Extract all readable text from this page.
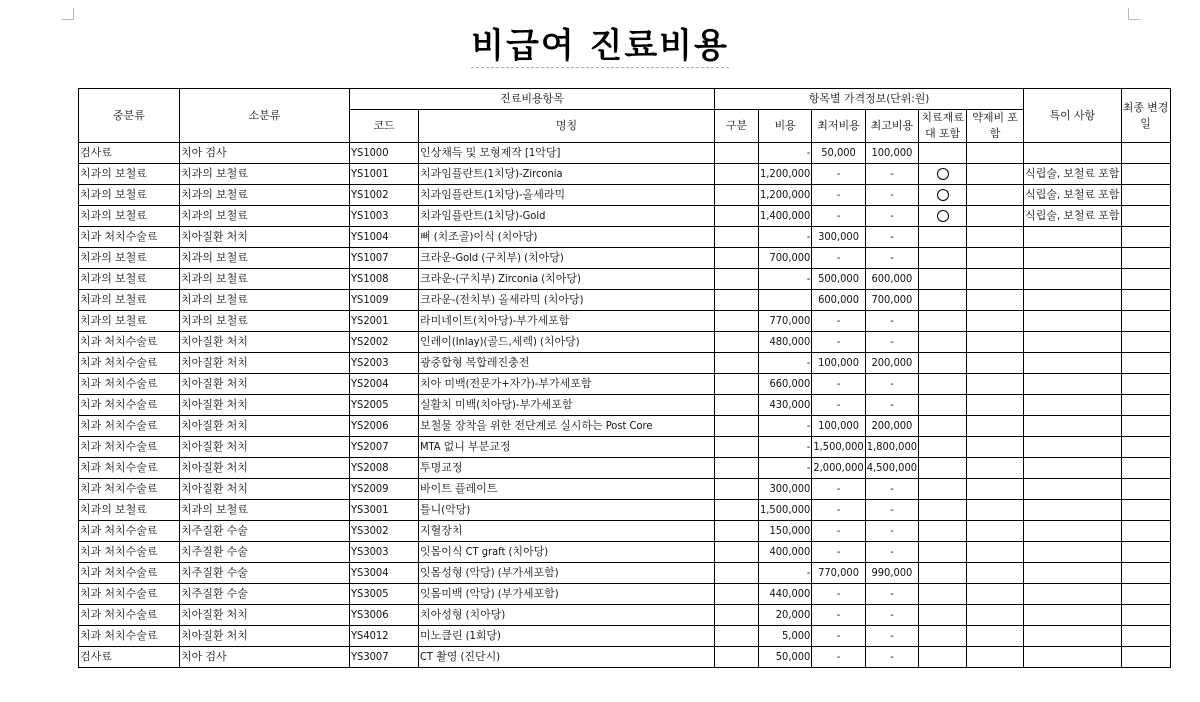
비급여 진료비용
중분류	소분류	진료비용항목		항목별 가격정보(단위:원)						특이 사항	최종 변경일
		코드	명칭	구분	비용	최저비용	최고비용	치료재료 대 포함	약제비 포함		
검사료	치아 검사	YS1000	인상채득 및 모형제작 [1악당]		-	50,000	100,000				
치과의 보철료	치과의 보철료	YS1001	치과임플란트(1치당)-Zirconia		1,200,000	-	-			식립술, 보철료 포함	
치과의 보철료	치과의 보철료	YS1002	치과임플란트(1치당)-올세라믹		1,200,000	-	-			식립술, 보철료 포함	
치과의 보철료	치과의 보철료	YS1003	치과임플란트(1치당)-Gold		1,400,000	-	-			식립술, 보철료 포함	
치과 처치수술료	치아질환 처치	YS1004	뼈 (치조골)이식 (치아당)		-	300,000	-				
치과의 보철료	치과의 보철료	YS1007	크라운-Gold (구치부) (치아당)		700,000	-	-				
치과의 보철료	치과의 보철료	YS1008	크라운-(구치부) Zirconia (치아당)		-	500,000	600,000				
치과의 보철료	치과의 보철료	YS1009	크라운-(전치부) 올세라믹 (치아당)			600,000	700,000				
치과의 보철료	치과의 보철료	YS2001	라미네이트(치아당)-부가세포함		770,000	-	-				
치과 처치수술료	치아질환 처치	YS2002	인레이(Inlay)(골드,세렉) (치아당)		480,000	-	-				
치과 처치수술료	치아질환 처치	YS2003	광중합형 복합레진충전		-	100,000	200,000				
치과 처치수술료	치아질환 처치	YS2004	치아 미백(전문가+자가)-부가세포함		660,000	-	-				
치과 처치수술료	치아질환 처치	YS2005	실활치 미백(치아당)-부가세포함		430,000	-	-				
치과 처치수술료	치아질환 처치	YS2006	보철물 장착을 위한 전단계로 실시하는 Post Core		-	100,000	200,000				
치과 처치수술료	치아질환 처치	YS2007	MTA 없니 부분교정		-	1,500,000	1,800,000				
치과 처치수술료	치아질환 처치	YS2008	투명교정		-	2,000,000	4,500,000				
치과 처치수술료	치아질환 처치	YS2009	바이트 플레이트		300,000	-	-				
치과의 보철료	치과의 보철료	YS3001	틀니(악당)		1,500,000	-	-				
치과 처치수술료	치주질환 수술	YS3002	지혈장치		150,000	-	-				
치과 처치수술료	치주질환 수술	YS3003	잇몸이식 CT graft (치아당)		400,000	-	-				
치과 처치수술료	치주질환 수술	YS3004	잇몸성형 (악당) (부가세포함)		-	770,000	990,000				
치과 처치수술료	치주질환 수술	YS3005	잇몸미백 (악당) (부가세포함)		440,000	-	-				
치과 처치수술료	치아질환 처치	YS3006	치아성형 (치아당)		20,000	-	-				
치과 처치수술료	치아질환 처치	YS4012	미노클린 (1회당)		5,000	-	-				
검사료	치아 검사	YS3007	CT 촬영 (진단시)		50,000	-	-				
